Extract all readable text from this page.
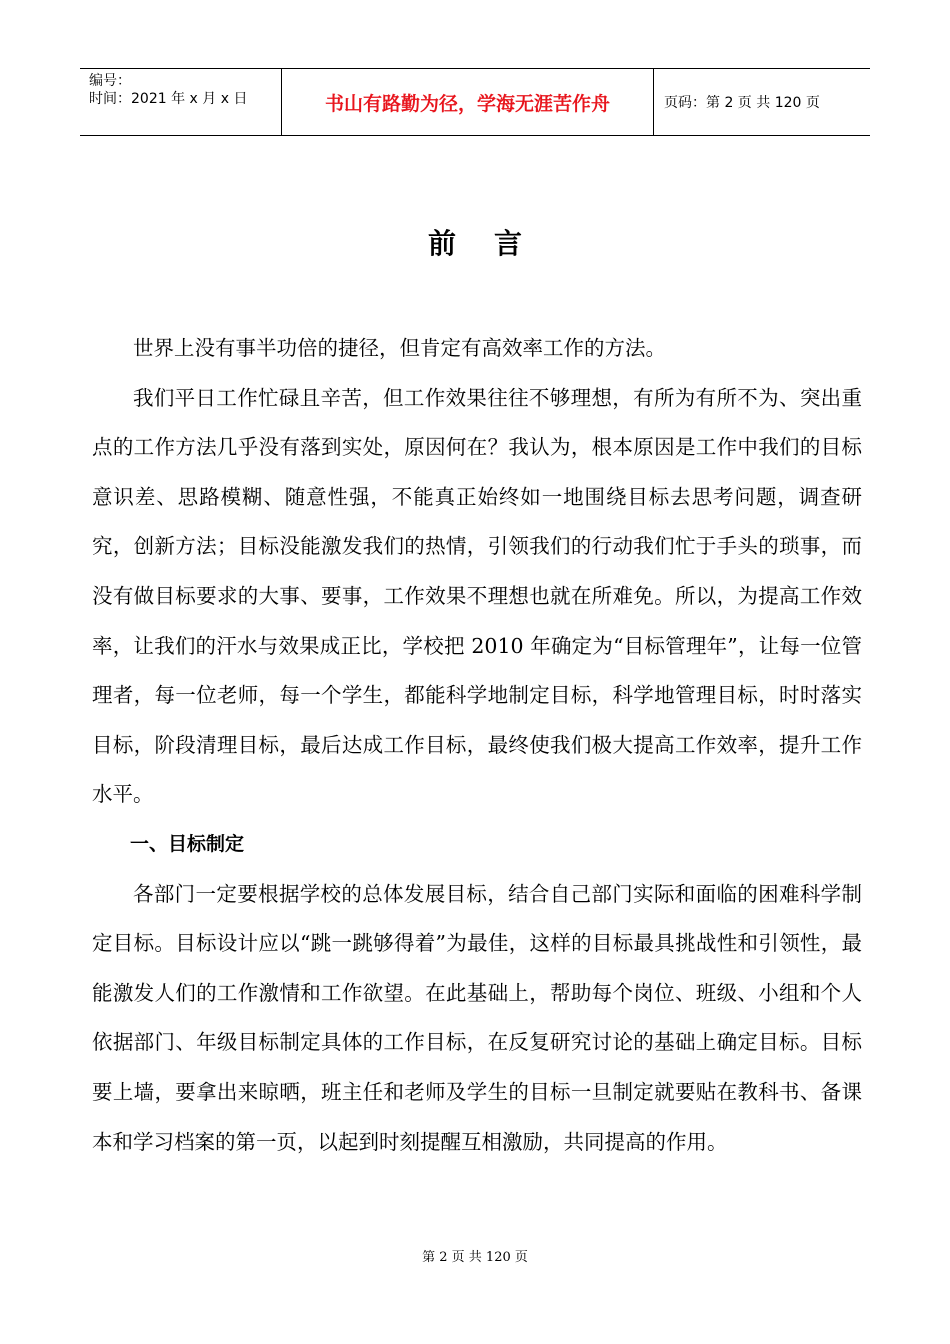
编号：
时间：2021 年 x 月 x 日	书山有路勤为径，学海无涯苦作舟	页码：第 2 页 共 120 页
前言

世界上没有事半功倍的捷径，但肯定有高效率工作的方法。

我们平日工作忙碌且辛苦，但工作效果往往不够理想，有所为有所不为、突出重点的工作方法几乎没有落到实处，原因何在？我认为，根本原因是工作中我们的目标意识差、思路模糊、随意性强，不能真正始终如一地围绕目标去思考问题，调查研究，创新方法；目标没能激发我们的热情，引领我们的行动我们忙于手头的琐事，而没有做目标要求的大事、要事，工作效果不理想也就在所难免。所以，为提高工作效率，让我们的汗水与效果成正比，学校把 2010 年确定为“目标管理年”，让每一位管理者，每一位老师，每一个学生，都能科学地制定目标，科学地管理目标，时时落实目标，阶段清理目标，最后达成工作目标，最终使我们极大提高工作效率，提升工作水平。

一、目标制定

各部门一定要根据学校的总体发展目标，结合自己部门实际和面临的困难科学制定目标。目标设计应以“跳一跳够得着”为最佳，这样的目标最具挑战性和引领性，最能激发人们的工作激情和工作欲望。在此基础上，帮助每个岗位、班级、小组和个人依据部门、年级目标制定具体的工作目标，在反复研究讨论的基础上确定目标。目标要上墙，要拿出来晾晒，班主任和老师及学生的目标一旦制定就要贴在教科书、备课本和学习档案的第一页，以起到时刻提醒互相激励，共同提高的作用。

第 2 页 共 120 页
